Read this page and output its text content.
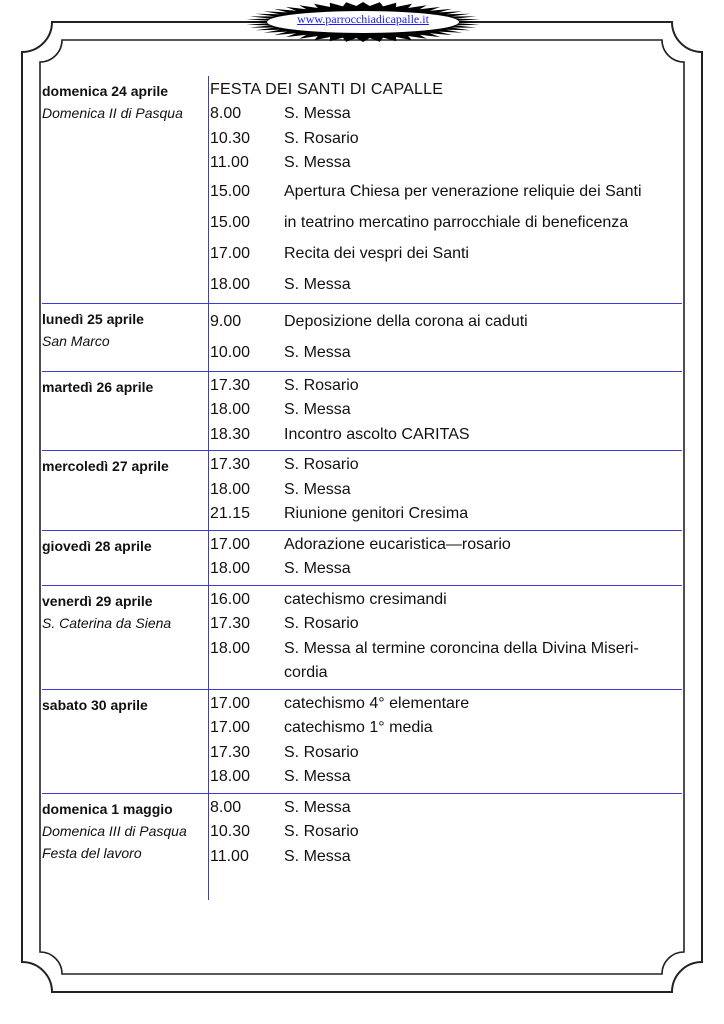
www.parrocchiadicapalle.it
domenica 24 aprile
Domenica II di Pasqua
FESTA DEI SANTI DI CAPALLE
8.00	S. Messa
10.30	S. Rosario
11.00	S. Messa
15.00	Apertura Chiesa per venerazione reliquie dei Santi
15.00	in teatrino mercatino parrocchiale di beneficenza
17.00	Recita dei vespri dei Santi
18.00	S. Messa
lunedì 25 aprile
San Marco
9.00	Deposizione della corona ai caduti
10.00	S. Messa
martedì 26 aprile	17.30	S. Rosario
18.00	S. Messa
18.30	Incontro ascolto CARITAS
mercoledì 27 aprile	17.30	S. Rosario
18.00	S. Messa
21.15	Riunione genitori Cresima
giovedì 28 aprile	17.00	Adorazione eucaristica—rosario
18.00	S. Messa
venerdì 29 aprile
S. Caterina da Siena
16.00	catechismo cresimandi
17.30	S. Rosario
18.00	S. Messa al termine coroncina della Divina Miseri-
cordia
sabato 30 aprile	17.00	catechismo 4° elementare
17.00	catechismo 1° media
17.30	S. Rosario
18.00	S. Messa
domenica 1 maggio
Domenica III di Pasqua
Festa del lavoro
8.00	S. Messa
10.30	S. Rosario
11.00	S. Messa
